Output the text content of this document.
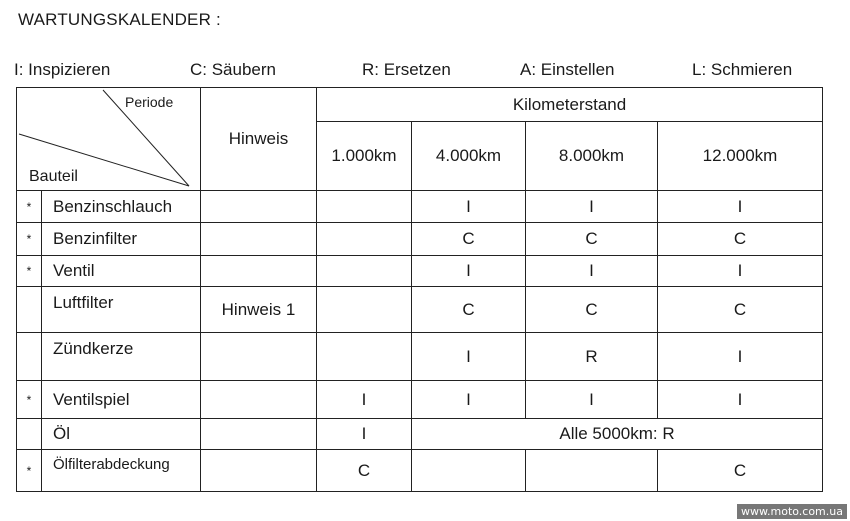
WARTUNGSKALENDER :
I: Inspizieren	C: Säubern	R: Ersetzen	A: Einstellen	L: Schmieren
Periode
Bauteil		Hinweis	Kilometerstand			
			1.000km	4.000km	8.000km	12.000km
*	Benzinschlauch			I	I	I
*	Benzinfilter			C	C	C
*	Ventil			I	I	I
	Luftfilter	Hinweis 1		C	C	C
	Zündkerze			I	R	I
*	Ventilspiel		I	I	I	I
	Öl		I	Alle 5000km: R		
*	Ölfilterabdeckung		C			C
www.moto.com.ua
